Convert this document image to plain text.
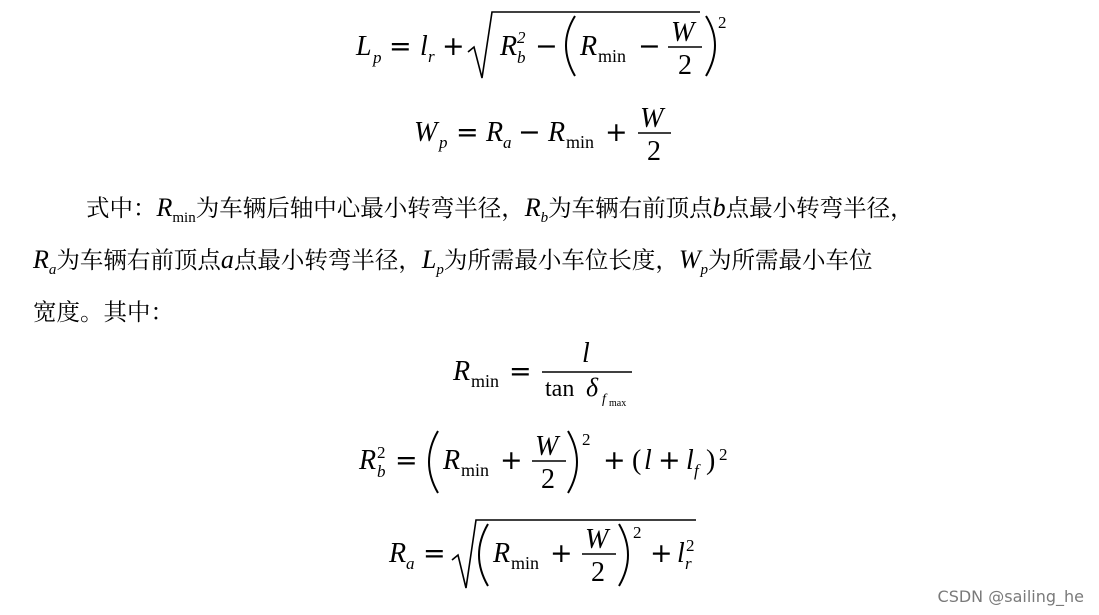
L p = l r + R 2
b − R min − W
2
2
W p = R a − R min + W
2
R min =
l
tan δ f max
R 2
b = R min + W
2
2
+ ( l + l f ) 2
R a = R min + W
2
2
+ l 2
r
式中：$R_{min}$为车辆后轴中心最小转弯半径，$R_b$为车辆右前顶点b点最小转弯半径，
$R_a$为车辆右前顶点a点最小转弯半径，$L_p$为所需最小车位长度，$W_p$为所需最小车位
宽度。其中：
CSDN @sailing_he
